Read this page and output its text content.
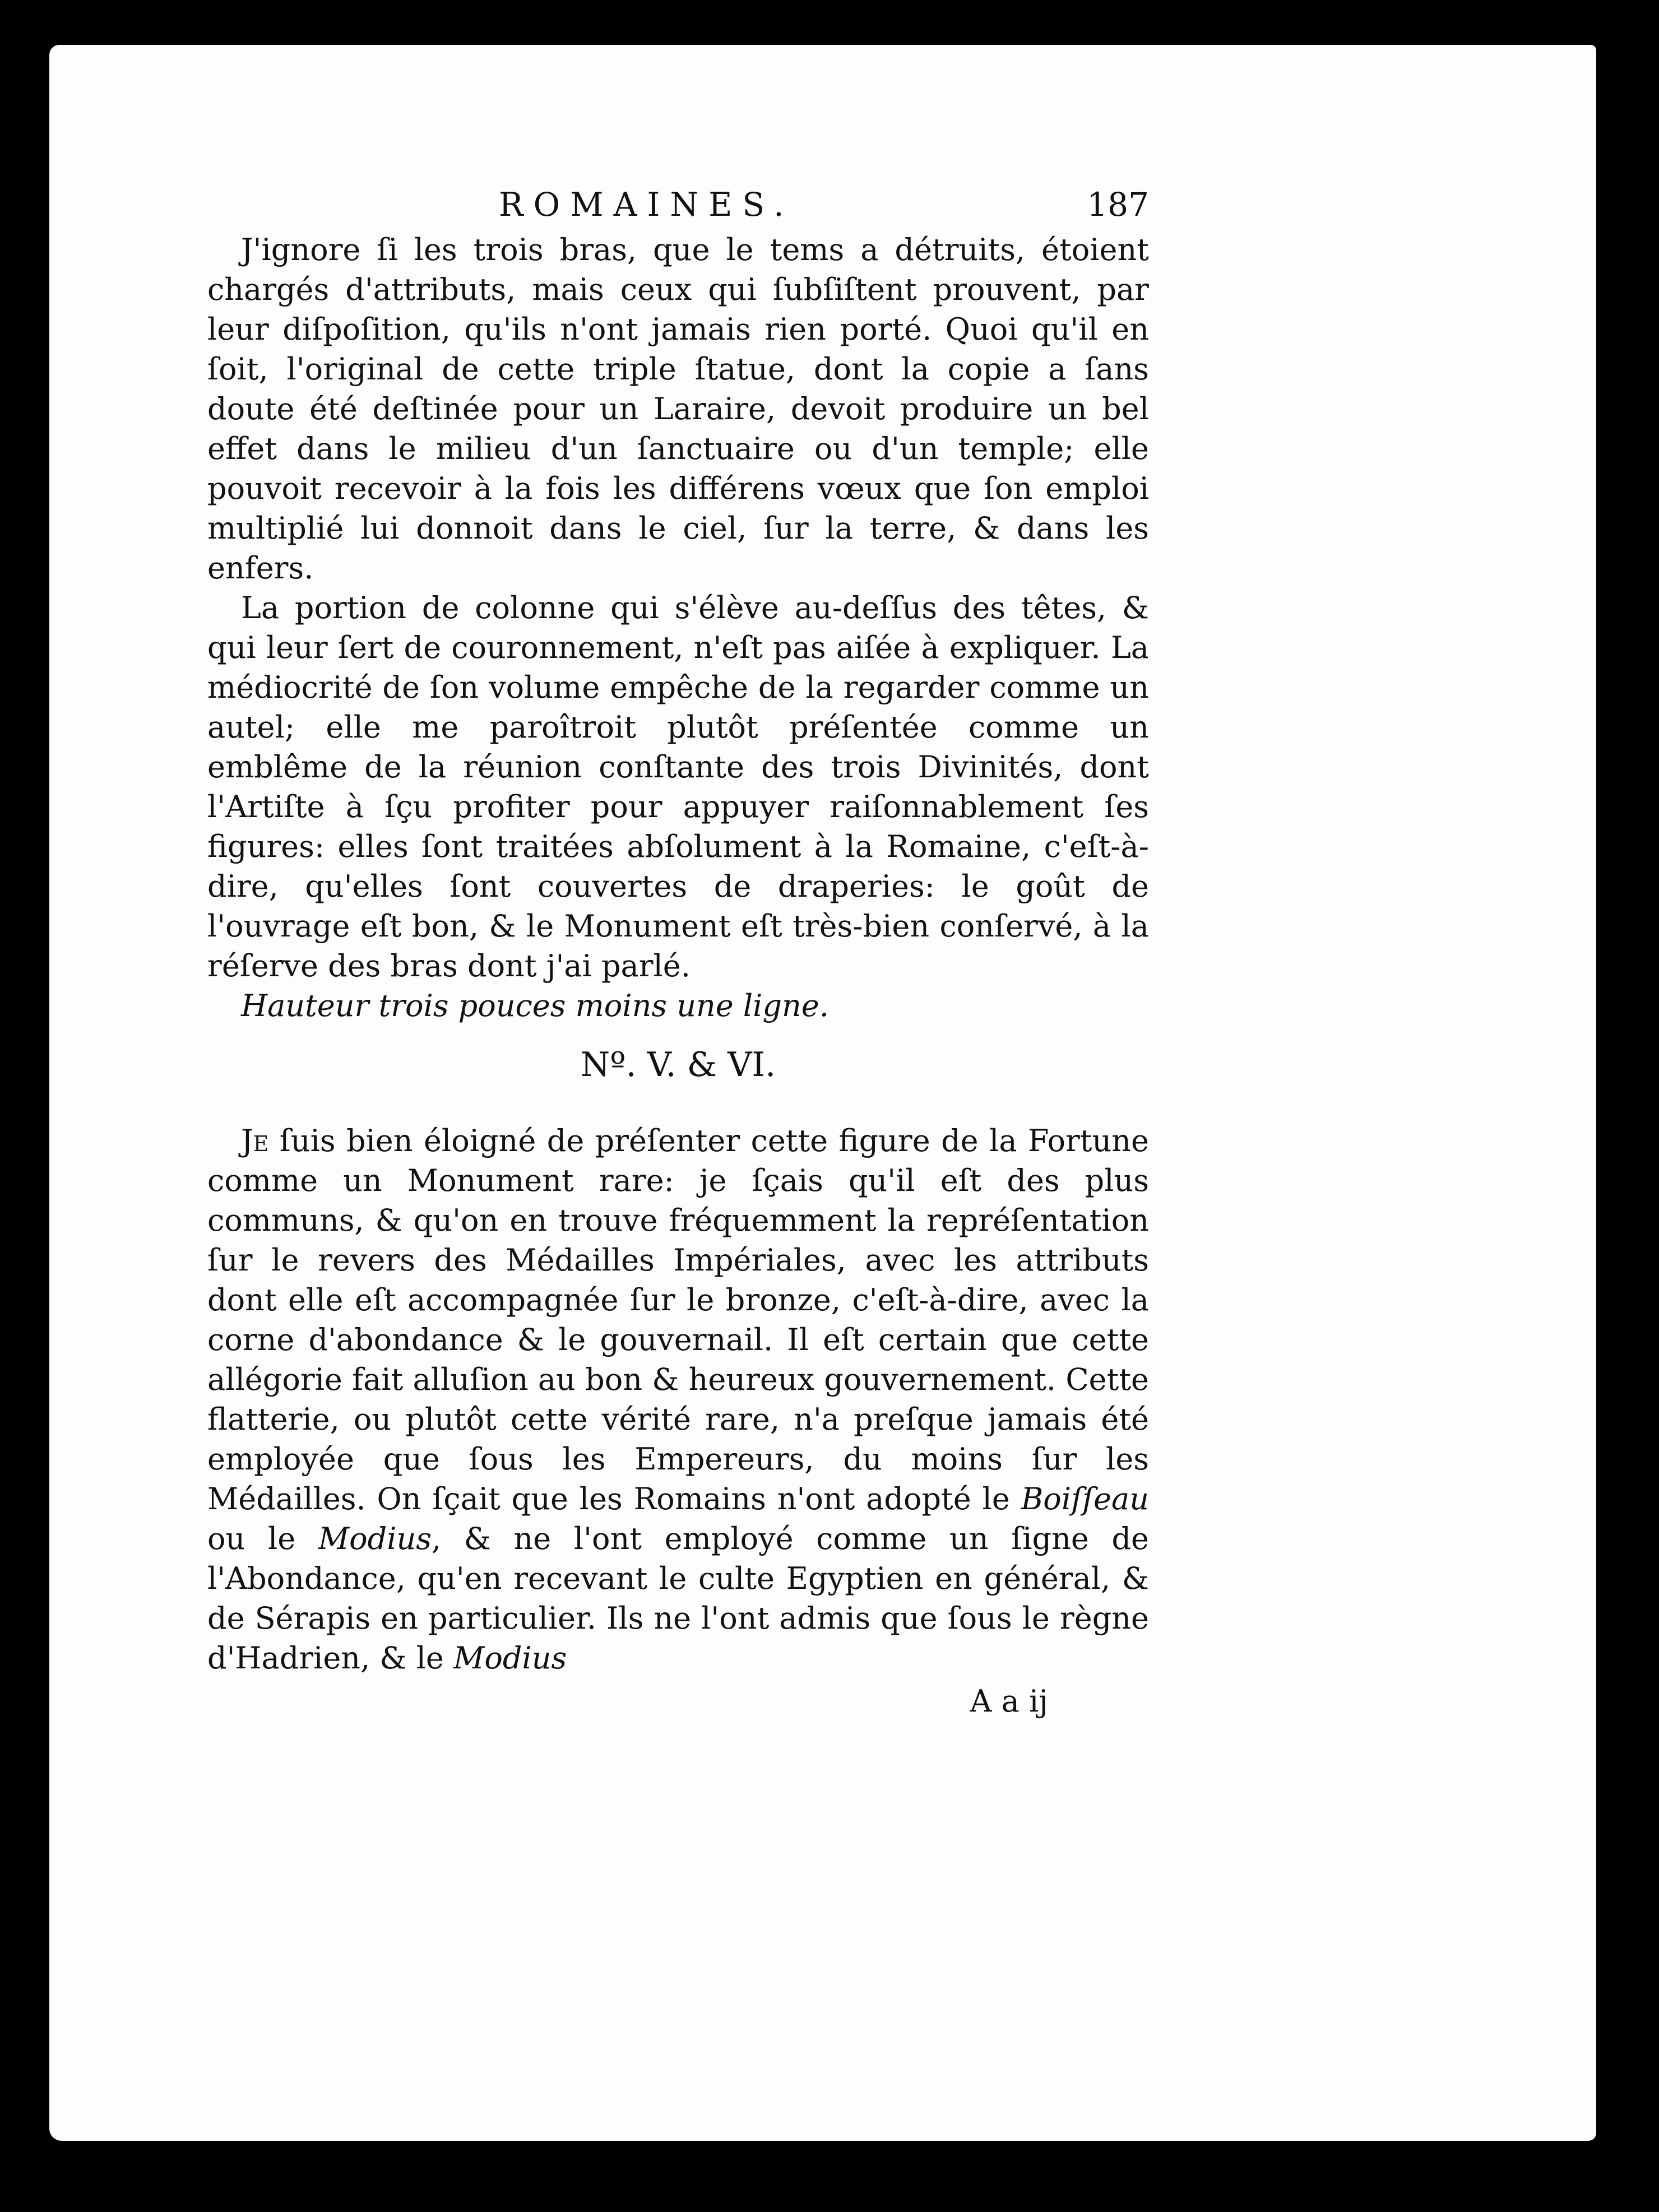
ROMAINES.	187

J'ignore ſi les trois bras, que le tems a détruits, étoient chargés d'attributs, mais ceux qui ſubſiſtent prouvent, par leur diſpoſition, qu'ils n'ont jamais rien porté. Quoi qu'il en ſoit, l'original de cette triple ſtatue, dont la copie a ſans doute été deſtinée pour un Laraire, devoit produire un bel effet dans le milieu d'un ſanctuaire ou d'un temple; elle pouvoit recevoir à la fois les différens vœux que ſon emploi multiplié lui donnoit dans le ciel, ſur la terre, & dans les enfers.

La portion de colonne qui s'élève au-deſſus des têtes, & qui leur ſert de couronnement, n'eſt pas aiſée à expliquer. La médiocrité de ſon volume empêche de la regarder comme un autel; elle me paroîtroit plutôt préſentée comme un emblême de la réunion conſtante des trois Divinités, dont l'Artiſte à ſçu profiter pour appuyer raiſonnablement ſes figures: elles ſont traitées abſolument à la Romaine, c'eſt-à-dire, qu'elles ſont couvertes de draperies: le goût de l'ouvrage eſt bon, & le Monument eſt très-bien conſervé, à la réſerve des bras dont j'ai parlé.

Hauteur trois pouces moins une ligne.

Nº. V. & VI.

Je ſuis bien éloigné de préſenter cette figure de la Fortune comme un Monument rare: je ſçais qu'il eſt des plus communs, & qu'on en trouve fréquemment la repréſentation ſur le revers des Médailles Impériales, avec les attributs dont elle eſt accompagnée ſur le bronze, c'eſt-à-dire, avec la corne d'abondance & le gouvernail. Il eſt certain que cette allégorie fait alluſion au bon & heureux gouvernement. Cette flatterie, ou plutôt cette vérité rare, n'a preſque jamais été employée que ſous les Empereurs, du moins ſur les Médailles. On ſçait que les Romains n'ont adopté le Boiſſeau ou le Modius, & ne l'ont employé comme un ſigne de l'Abondance, qu'en recevant le culte Egyptien en général, & de Sérapis en particulier. Ils ne l'ont admis que ſous le règne d'Hadrien, & le Modius

A a ij
